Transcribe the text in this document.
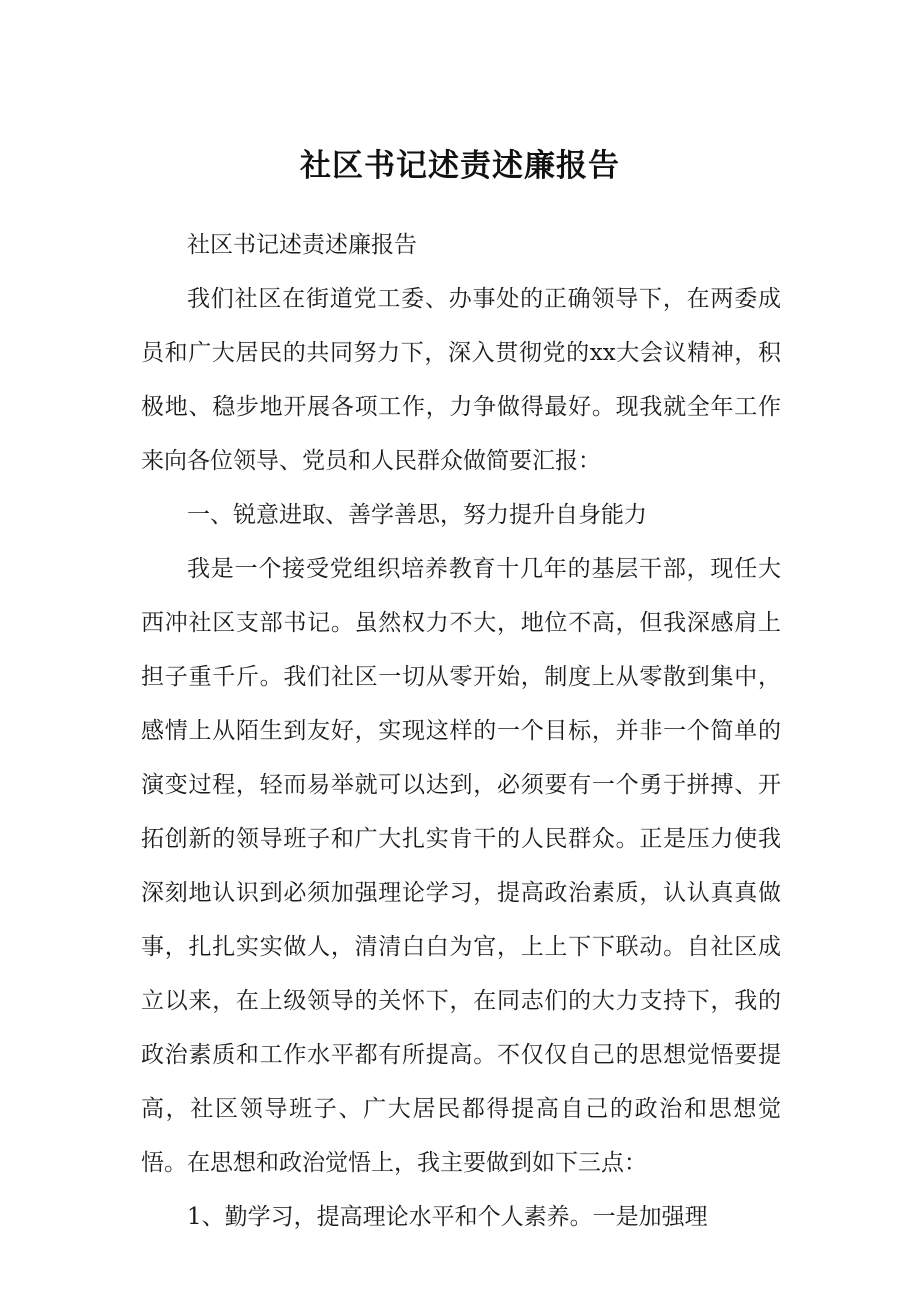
社区书记述责述廉报告

社区书记述责述廉报告

我们社区在街道党工委、办事处的正确领导下，在两委成员和广大居民的共同努力下，深入贯彻党的xx大会议精神，积极地、稳步地开展各项工作，力争做得最好。现我就全年工作来向各位领导、党员和人民群众做简要汇报：

一、锐意进取、善学善思，努力提升自身能力

我是一个接受党组织培养教育十几年的基层干部，现任大西冲社区支部书记。虽然权力不大，地位不高，但我深感肩上担子重千斤。我们社区一切从零开始，制度上从零散到集中，感情上从陌生到友好，实现这样的一个目标，并非一个简单的演变过程，轻而易举就可以达到，必须要有一个勇于拼搏、开拓创新的领导班子和广大扎实肯干的人民群众。正是压力使我深刻地认识到必须加强理论学习，提高政治素质，认认真真做事，扎扎实实做人，清清白白为官，上上下下联动。自社区成立以来，在上级领导的关怀下，在同志们的大力支持下，我的政治素质和工作水平都有所提高。不仅仅自己的思想觉悟要提高，社区领导班子、广大居民都得提高自己的政治和思想觉悟。在思想和政治觉悟上，我主要做到如下三点：

1、勤学习，提高理论水平和个人素养。一是加强理
